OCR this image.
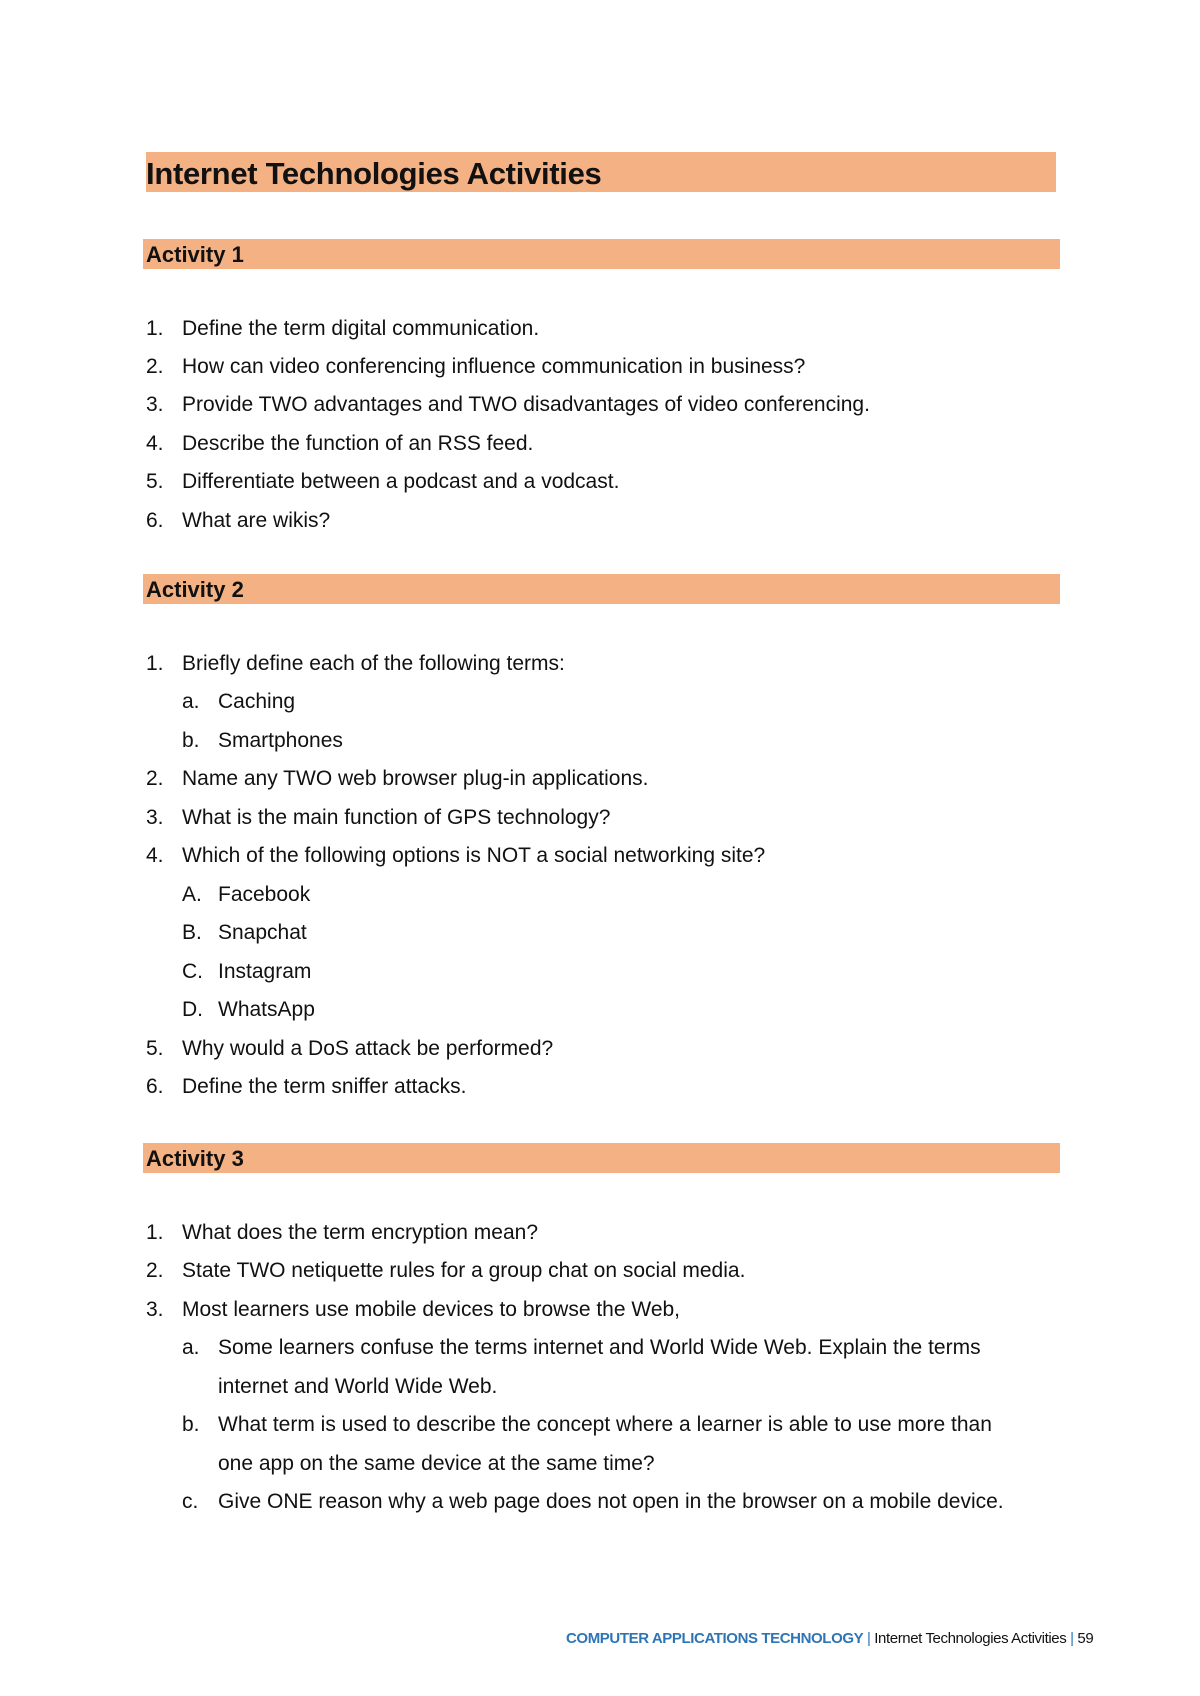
Internet Technologies Activities
Activity 1
1. Define the term digital communication.
2. How can video conferencing influence communication in business?
3. Provide TWO advantages and TWO disadvantages of video conferencing.
4. Describe the function of an RSS feed.
5. Differentiate between a podcast and a vodcast.
6. What are wikis?
Activity 2
1. Briefly define each of the following terms:
a. Caching
b. Smartphones
2. Name any TWO web browser plug-in applications.
3. What is the main function of GPS technology?
4. Which of the following options is NOT a social networking site?
A. Facebook
B. Snapchat
C. Instagram
D. WhatsApp
5. Why would a DoS attack be performed?
6. Define the term sniffer attacks.
Activity 3
1. What does the term encryption mean?
2. State TWO netiquette rules for a group chat on social media.
3. Most learners use mobile devices to browse the Web,
a. Some learners confuse the terms internet and World Wide Web. Explain the terms
internet and World Wide Web.
b. What term is used to describe the concept where a learner is able to use more than
one app on the same device at the same time?
c. Give ONE reason why a web page does not open in the browser on a mobile device.
COMPUTER APPLICATIONS TECHNOLOGY | Internet Technologies Activities | 59
